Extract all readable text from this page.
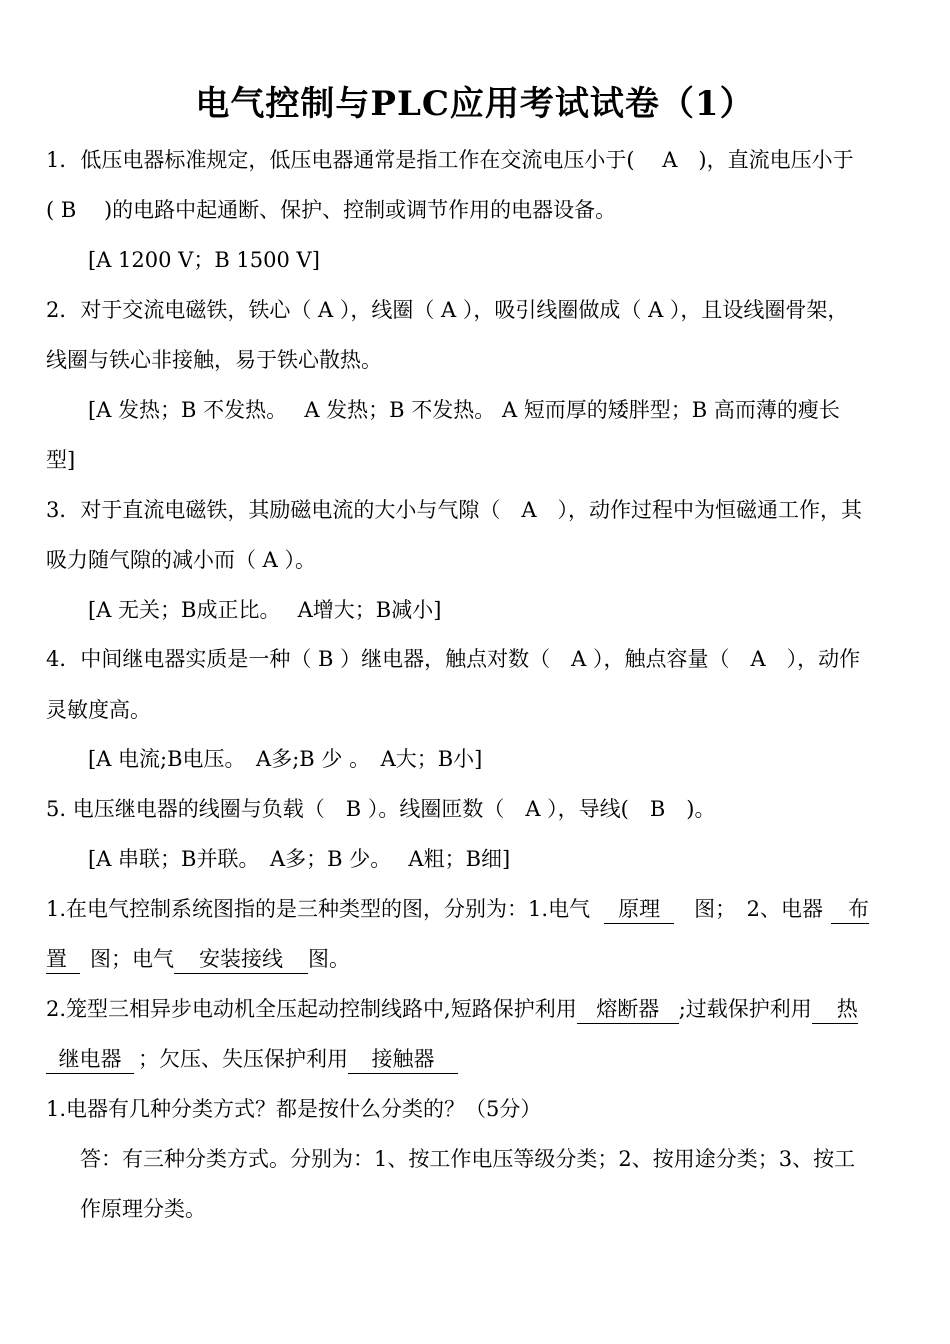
电气控制与PLC应用考试试卷（1）
1．低压电器标准规定，低压电器通常是指工作在交流电压小于(　 A　)，直流电压小于
( B　 )的电路中起通断、保护、控制或调节作用的电器设备。
[A 1200 V；B 1500 V]
2．对于交流电磁铁，铁心（ A ），线圈（ A ），吸引线圈做成（ A ），且设线圈骨架，
线圈与铁心非接触，易于铁心散热。
[A 发热；B 不发热。　 A 发热；B 不发热。 A 短而厚的矮胖型；B 高而薄的瘦长
型]
3．对于直流电磁铁，其励磁电流的大小与气隙（　A　），动作过程中为恒磁通工作，其
吸力随气隙的减小而（ A ）。
[A 无关；B成正比。　 A增大；B减小]
4．中间继电器实质是一种（ B ）继电器，触点对数（　A ），触点容量（　A　），动作
灵敏度高。
[A 电流;B电压。　A多;B 少 。　A大；B小]
5. 电压继电器的线圈与负载（　B ）。线圈匝数（　A ），导线(　B　)。
[A 串联；B并联。　A多；B 少。　 A粗；B细]
1.在电气控制系统图指的是三种类型的图，分别为：1.电气 原理 图；　2、电器 布
置 图；电气 安装接线 图。
2.笼型三相异步电动机全压起动控制线路中,短路保护利用 熔断器 ;过载保护利用 热
继电器 ；欠压、失压保护利用 接触器
1.电器有几种分类方式？都是按什么分类的？（5分）
答：有三种分类方式。分别为：1、按工作电压等级分类；2、按用途分类；3、按工
作原理分类。
